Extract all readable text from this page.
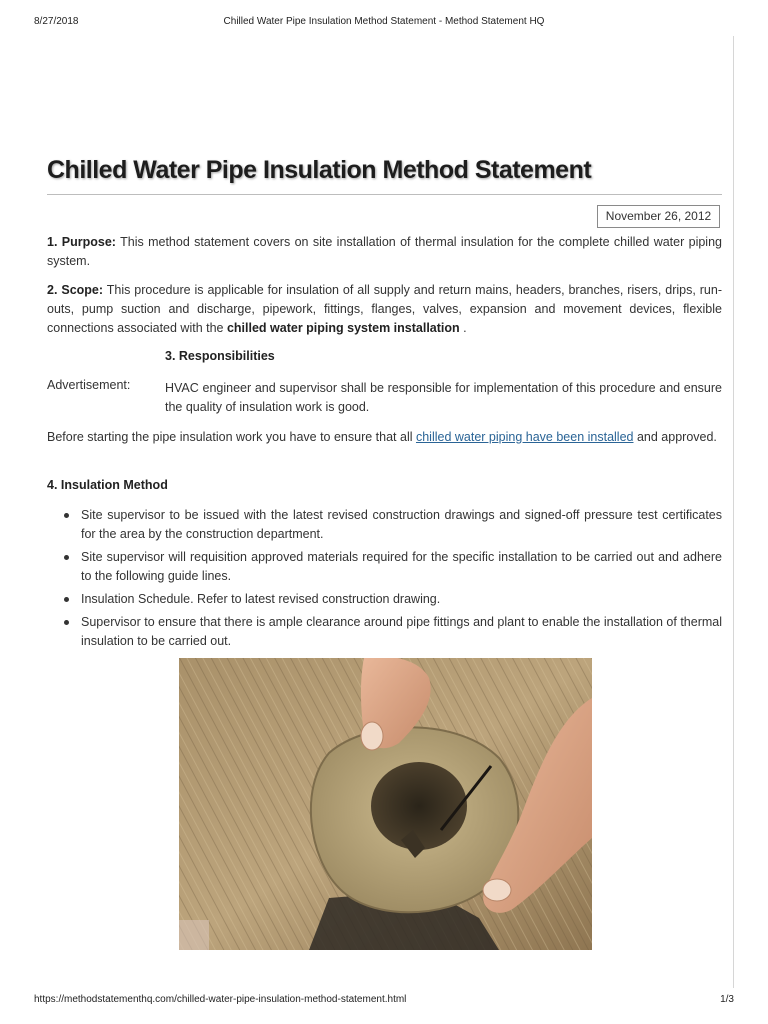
8/27/2018	Chilled Water Pipe Insulation Method Statement - Method Statement HQ
Chilled Water Pipe Insulation Method Statement
November 26, 2012

1. Purpose: This method statement covers on site installation of thermal insulation for the complete chilled water piping system.

2. Scope: This procedure is applicable for insulation of all supply and return mains, headers, branches, risers, drips, run-outs, pump suction and discharge, pipework, fittings, flanges, valves, expansion and movement devices, flexible connections associated with the chilled water piping system installation .

3. Responsibilities
Advertisement:	HVAC engineer and supervisor shall be responsible for implementation of this procedure and ensure the quality of insulation work is good.

Before starting the pipe insulation work you have to ensure that all chilled water piping have been installed and approved.

4. Insulation Method
Site supervisor to be issued with the latest revised construction drawings and signed-off pressure test certificates for the area by the construction department.
Site supervisor will requisition approved materials required for the specific installation to be carried out and adhere to the following guide lines.
Insulation Schedule. Refer to latest revised construction drawing.
Supervisor to ensure that there is ample clearance around pipe fittings and plant to enable the installation of thermal insulation to be carried out.
https://methodstatementhq.com/chilled-water-pipe-insulation-method-statement.html	1/3
